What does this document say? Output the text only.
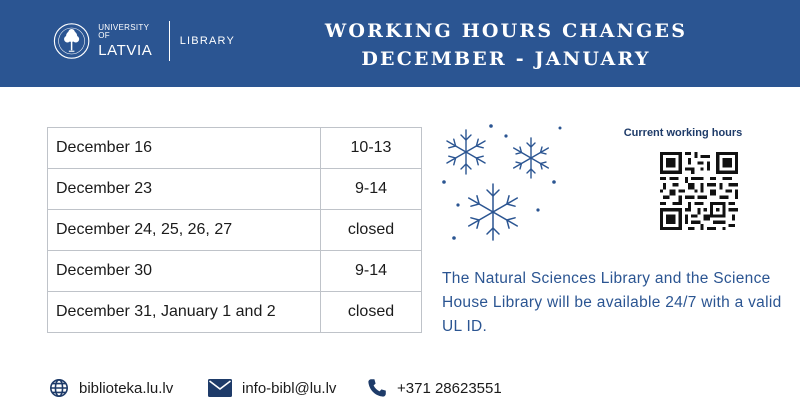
UNIVERSITY OF
LATVIA
LIBRARY	WORKING HOURS CHANGES
DECEMBER - JANUARY
December 16	10-13
December 23	9-14
December 24, 25, 26, 27	closed
December 30	9-14
December 31, January 1 and 2	closed
Current working hours
The Natural Sciences Library and the Science House Library will be available 24/7 with a valid UL ID.
biblioteka.lu.lv	info-bibl@lu.lv	+371 28623551
